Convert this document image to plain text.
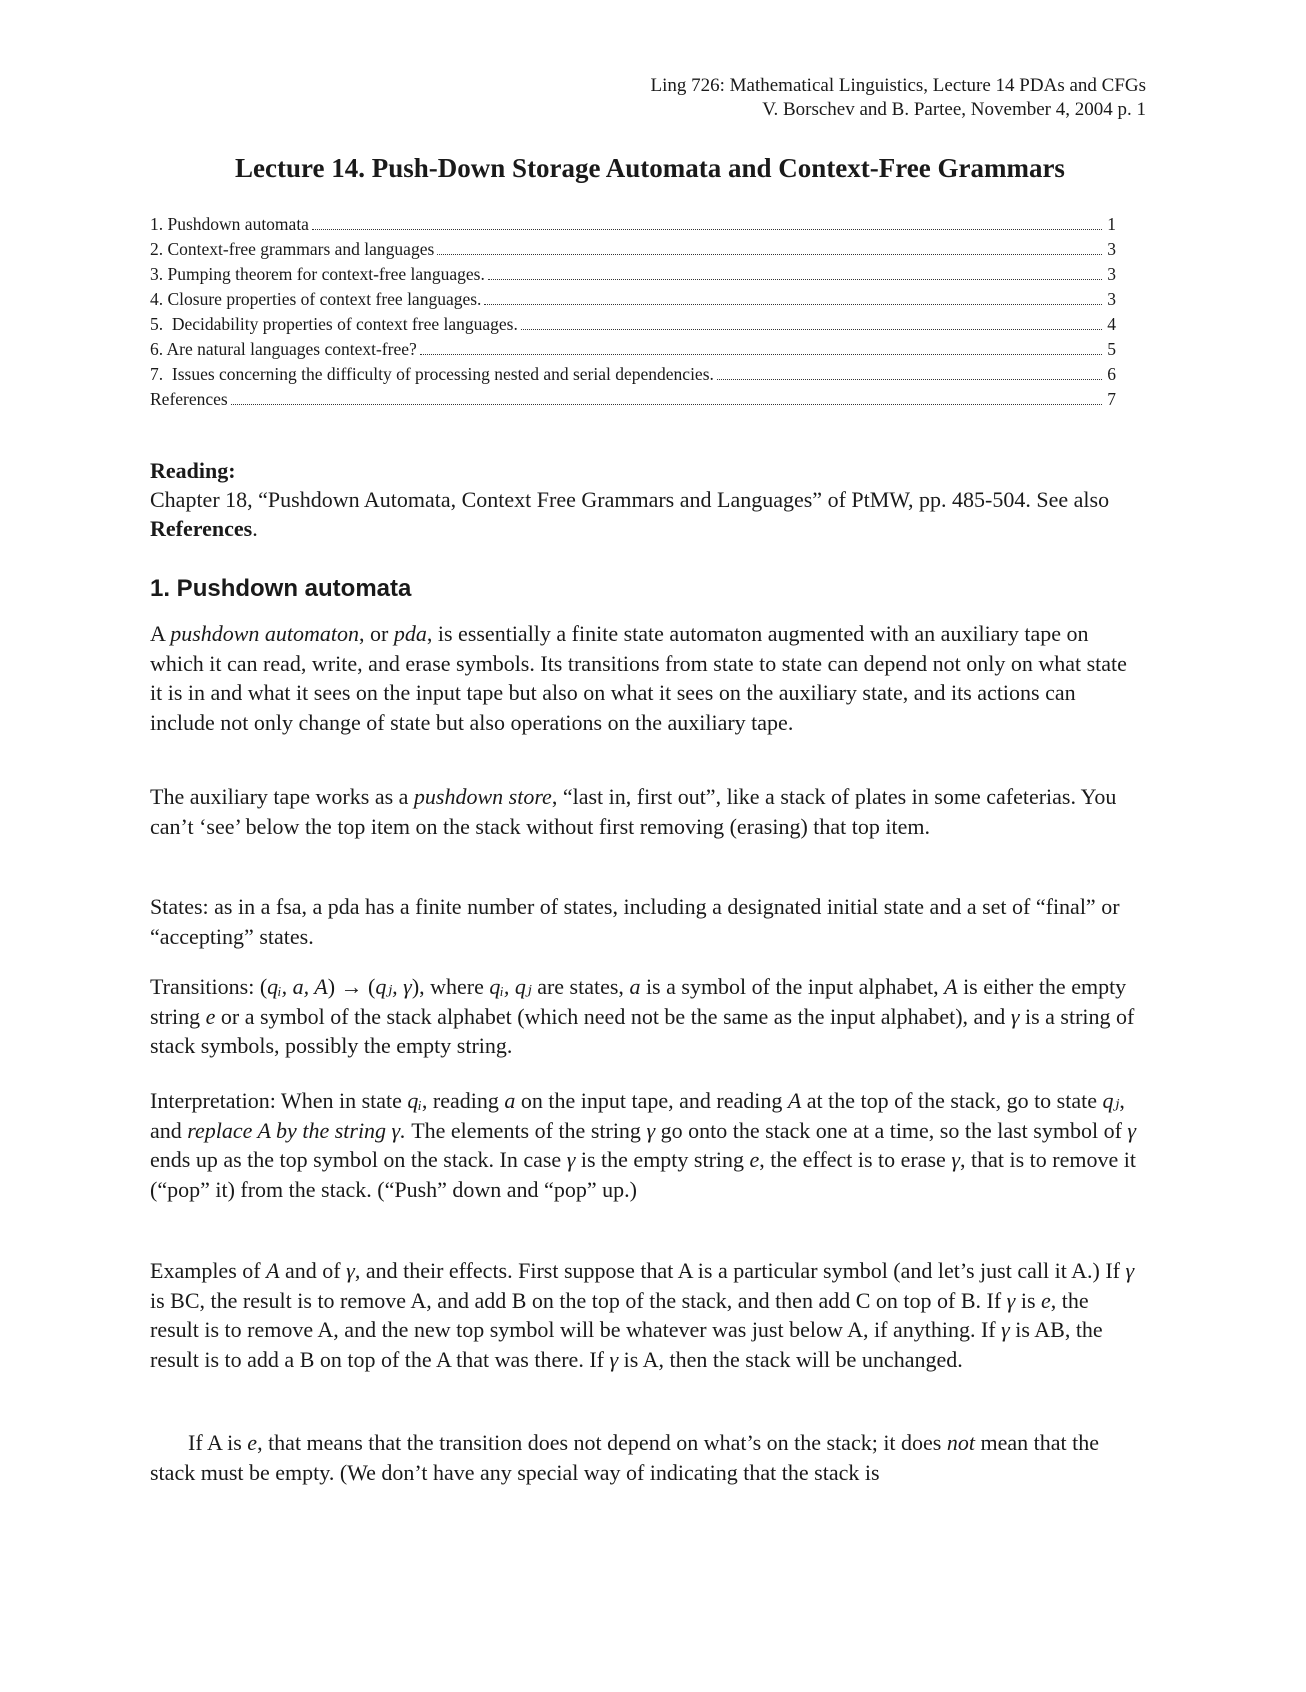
Ling 726: Mathematical Linguistics, Lecture 14 PDAs and CFGs
V. Borschev and B. Partee, November 4, 2004 p. 1
Lecture 14. Push-Down Storage Automata and Context-Free Grammars
1. Pushdown automata	1
2. Context-free grammars and languages	3
3. Pumping theorem for context-free languages.	3
4. Closure properties of context free languages.	3
5.  Decidability properties of context free languages.	4
6. Are natural languages context-free?	5
7.  Issues concerning the difficulty of processing nested and serial dependencies.	6
References	7
Reading:
Chapter 18, “Pushdown Automata, Context Free Grammars and Languages” of PtMW, pp. 485-504. See also References.
1. Pushdown automata

A pushdown automaton, or pda, is essentially a finite state automaton augmented with an auxiliary tape on which it can read, write, and erase symbols. Its transitions from state to state can depend not only on what state it is in and what it sees on the input tape but also on what it sees on the auxiliary state, and its actions can include not only change of state but also operations on the auxiliary tape.

The auxiliary tape works as a pushdown store, “last in, first out”, like a stack of plates in some cafeterias. You can’t ‘see’ below the top item on the stack without first removing (erasing) that top item.

States: as in a fsa, a pda has a finite number of states, including a designated initial state and a set of “final” or “accepting” states.

Transitions: (qᵢ, a, A) → (qⱼ, γ), where qᵢ, qⱼ are states, a is a symbol of the input alphabet, A is either the empty string e or a symbol of the stack alphabet (which need not be the same as the input alphabet), and γ is a string of stack symbols, possibly the empty string.

Interpretation: When in state qᵢ, reading a on the input tape, and reading A at the top of the stack, go to state qⱼ, and replace A by the string γ. The elements of the string γ go onto the stack one at a time, so the last symbol of γ ends up as the top symbol on the stack. In case γ is the empty string e, the effect is to erase γ, that is to remove it (“pop” it) from the stack. (“Push” down and “pop” up.)

Examples of A and of γ, and their effects. First suppose that A is a particular symbol (and let’s just call it A.) If γ is BC, the result is to remove A, and add B on the top of the stack, and then add C on top of B. If γ is e, the result is to remove A, and the new top symbol will be whatever was just below A, if anything. If γ is AB, the result is to add a B on top of the A that was there. If γ is A, then the stack will be unchanged.

If A is e, that means that the transition does not depend on what’s on the stack; it does not mean that the stack must be empty. (We don’t have any special way of indicating that the stack is
